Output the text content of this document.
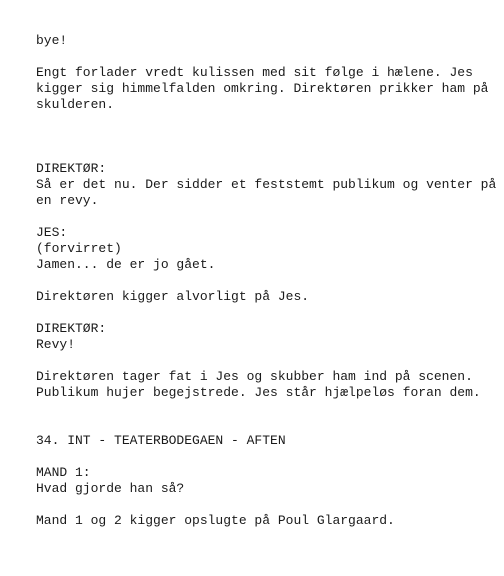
bye!

Engt forlader vredt kulissen med sit følge i hælene. Jes

kigger sig himmelfalden omkring. Direktøren prikker ham på

skulderen.

DIREKTØR:

Så er det nu. Der sidder et feststemt publikum og venter på

en revy.

JES:

(forvirret)

Jamen... de er jo gået.

Direktøren kigger alvorligt på Jes.

DIREKTØR:

Revy!

Direktøren tager fat i Jes og skubber ham ind på scenen.

Publikum hujer begejstrede. Jes står hjælpeløs foran dem.

34. INT - TEATERBODEGAEN - AFTEN

MAND 1:

Hvad gjorde han så?

Mand 1 og 2 kigger opslugte på Poul Glargaard.
